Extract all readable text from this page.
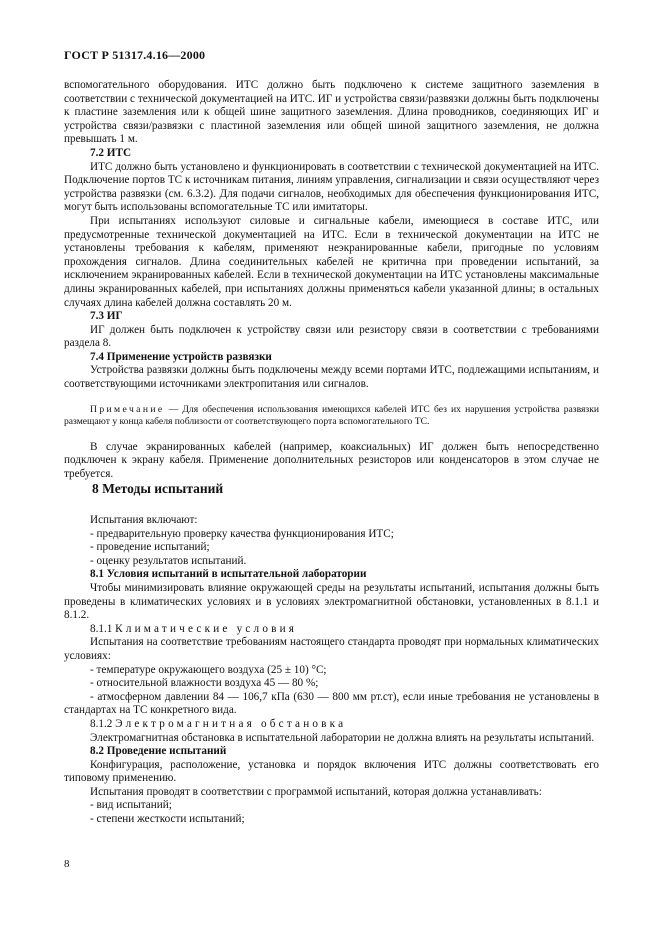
ГОСТ Р 51317.4.16—2000

вспомогательного оборудования. ИТС должно быть подключено к системе защитного заземления в соответствии с технической документацией на ИТС. ИГ и устройства связи/развязки должны быть подключены к пластине заземления или к общей шине защитного заземления. Длина проводников, соединяющих ИГ и устройства связи/развязки с пластиной заземления или общей шиной защитного заземления, не должна превышать 1 м.

7.2 ИТС

ИТС должно быть установлено и функционировать в соответствии с технической документацией на ИТС. Подключение портов ТС к источникам питания, линиям управления, сигнализации и связи осуществляют через устройства развязки (см. 6.3.2). Для подачи сигналов, необходимых для обеспечения функционирования ИТС, могут быть использованы вспомогательные ТС или имитаторы.

При испытаниях используют силовые и сигнальные кабели, имеющиеся в составе ИТС, или предусмотренные технической документацией на ИТС. Если в технической документации на ИТС не установлены требования к кабелям, применяют неэкранированные кабели, пригодные по условиям прохождения сигналов. Длина соединительных кабелей не критична при проведении испытаний, за исключением экранированных кабелей. Если в технической документации на ИТС установлены максимальные длины экранированных кабелей, при испытаниях должны применяться кабели указанной длины; в остальных случаях длина кабелей должна составлять 20 м.

7.3 ИГ

ИГ должен быть подключен к устройству связи или резистору связи в соответствии с требованиями раздела 8.

7.4 Применение устройств развязки

Устройства развязки должны быть подключены между всеми портами ИТС, подлежащими испытаниям, и соответствующими источниками электропитания или сигналов.

Примечание — Для обеспечения использования имеющихся кабелей ИТС без их нарушения устройства развязки размещают у конца кабеля поблизости от соответствующего порта вспомогательного ТС.

В случае экранированных кабелей (например, коаксиальных) ИГ должен быть непосредственно подключен к экрану кабеля. Применение дополнительных резисторов или конденсаторов в этом случае не требуется.

8 Методы испытаний

Испытания включают:

- предварительную проверку качества функционирования ИТС;

- проведение испытаний;

- оценку результатов испытаний.

8.1 Условия испытаний в испытательной лаборатории

Чтобы минимизировать влияние окружающей среды на результаты испытаний, испытания должны быть проведены в климатических условиях и в условиях электромагнитной обстановки, установленных в 8.1.1 и 8.1.2.

8.1.1 Климатические условия

Испытания на соответствие требованиям настоящего стандарта проводят при нормальных климатических условиях:

- температуре окружающего воздуха (25 ± 10) °С;

- относительной влажности воздуха 45 — 80 %;

- атмосферном давлении 84 — 106,7 кПа (630 — 800 мм рт.ст), если иные требования не установлены в стандартах на ТС конкретного вида.

8.1.2 Электромагнитная обстановка

Электромагнитная обстановка в испытательной лаборатории не должна влиять на результаты испытаний.

8.2 Проведение испытаний

Конфигурация, расположение, установка и порядок включения ИТС должны соответствовать его типовому применению.

Испытания проводят в соответствии с программой испытаний, которая должна устанавливать:

- вид испытаний;

- степени жесткости испытаний;

8
